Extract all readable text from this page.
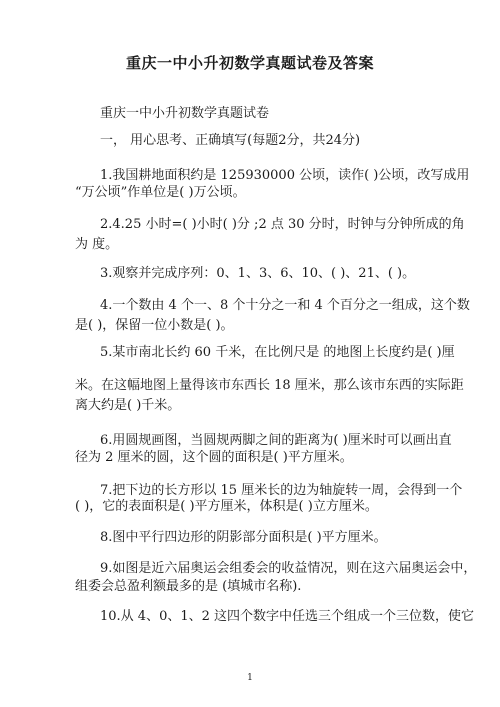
重庆一中小升初数学真题试卷及答案
重庆一中小升初数学真题试卷
一， 用心思考、正确填写(每题2分，共24分)
1.我国耕地面积约是 125930000 公顷，读作( )公顷，改写成用
“万公顷”作单位是( )万公顷。
2.4.25 小时=( )小时( )分 ;2 点 30 分时，时钟与分钟所成的角
为 度。
3.观察并完成序列：0、1、3、6、10、( )、21、( )。
4.一个数由 4 个一、8 个十分之一和 4 个百分之一组成，这个数
是( )，保留一位小数是( )。
5.某市南北长约 60 千米，在比例尺是 的地图上长度约是( )厘
米。在这幅地图上量得该市东西长 18 厘米，那么该市东西的实际距
离大约是( )千米。
6.用圆规画图，当圆规两脚之间的距离为( )厘米时可以画出直
径为 2 厘米的圆，这个圆的面积是( )平方厘米。
7.把下边的长方形以 15 厘米长的边为轴旋转一周，会得到一个
( )，它的表面积是( )平方厘米，体积是( )立方厘米。
8.图中平行四边形的阴影部分面积是( )平方厘米。
9.如图是近六届奥运会组委会的收益情况，则在这六届奥运会中，
组委会总盈利额最多的是 (填城市名称).
10.从 4、0、1、2 这四个数字中任选三个组成一个三位数，使它
1
